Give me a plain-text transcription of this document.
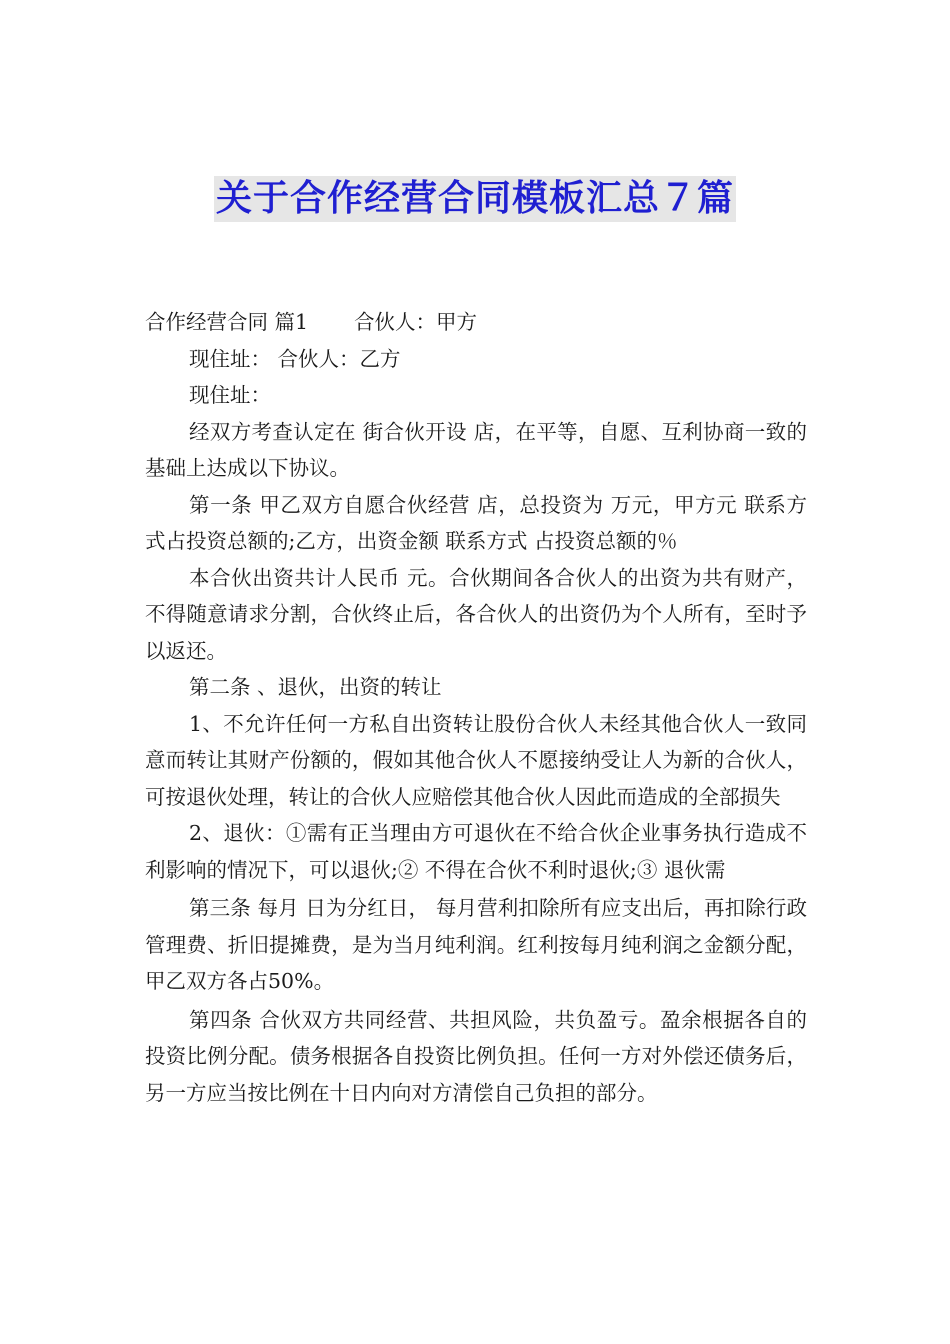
关于合作经营合同模板汇总７篇
合作经营合同 篇1 合伙人：甲方

现住址： 合伙人：乙方

现住址：

经双方考查认定在 街合伙开设 店，在平等，自愿、互利协商一致的基础上达成以下协议。

第一条 甲乙双方自愿合伙经营 店，总投资为 万元，甲方元 联系方式占投资总额的;乙方，出资金额 联系方式 占投资总额的％

本合伙出资共计人民币 元。合伙期间各合伙人的出资为共有财产，不得随意请求分割，合伙终止后，各合伙人的出资仍为个人所有，至时予以返还。

第二条 、退伙，出资的转让

1、不允许任何一方私自出资转让股份合伙人未经其他合伙人一致同意而转让其财产份额的，假如其他合伙人不愿接纳受让人为新的合伙人，可按退伙处理，转让的合伙人应赔偿其他合伙人因此而造成的全部损失

2、退伙：①需有正当理由方可退伙在不给合伙企业事务执行造成不利影响的情况下，可以退伙;② 不得在合伙不利时退伙;③ 退伙需

第三条 每月 日为分红日， 每月营利扣除所有应支出后，再扣除行政管理费、折旧提摊费，是为当月纯利润。红利按每月纯利润之金额分配，甲乙双方各占50%。

第四条 合伙双方共同经营、共担风险，共负盈亏。盈余根据各自的投资比例分配。债务根据各自投资比例负担。任何一方对外偿还债务后，另一方应当按比例在十日内向对方清偿自己负担的部分。
